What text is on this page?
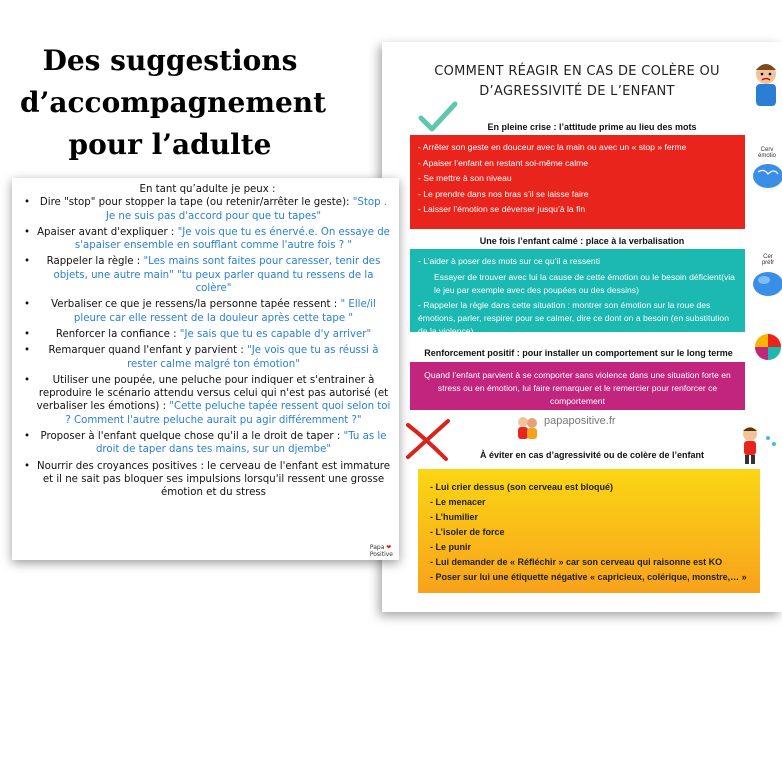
Des suggestions
d’accompagnement
pour l’adulte
COMMENT RÉAGIR EN CAS DE COLÈRE OU
D’AGRESSIVITÉ DE L’ENFANT
En pleine crise : l’attitude prime au lieu des mots

- Arrêter son geste en douceur avec la main ou avec un « stop » ferme

- Apaiser l’enfant en restant soi-même calme

- Se mettre à son niveau

- Le prendre dans nos bras s’il se laisse faire

- Laisser l’émotion se déverser jusqu’à la fin

Cerv
émotio
Une fois l’enfant calmé : place à la verbalisation

- L’aider à poser des mots sur ce qu’il a ressenti

Essayer de trouver avec lui la cause de cette émotion ou le besoin déficient(via le jeu par exemple avec des poupées ou des dessins)

- Rappeler la règle dans cette situation : montrer son émotion sur la roue des émotions, parler, respirer pour se calmer, dire ce dont on a besoin (en substitution de la violence)

Cer
préfr
Renforcement positif : pour installer un comportement sur le long terme
Quand l’enfant parvient à se comporter sans violence dans une situation forte en stress ou en émotion, lui faire remarquer et le remercier pour renforcer ce comportement
papapositive.fr
À éviter en cas d’agressivité ou de colère de l’enfant

- Lui crier dessus (son cerveau est bloqué)

- Le menacer

- L’humilier

- L’isoler de force

- Le punir

- Lui demander de « Réfléchir » car son cerveau qui raisonne est KO

- Poser sur lui une étiquette négative « capricieux, colérique, monstre,… »

En tant qu’adulte je peux :
• Dire "stop" pour stopper la tape (ou retenir/arrêter le geste): "Stop . Je ne suis pas d'accord pour que tu tapes"
• Apaiser avant d'expliquer : "Je vois que tu es énervé.e. On essaye de s'apaiser ensemble en soufflant comme l'autre fois ? "
• Rappeler la règle : "Les mains sont faites pour caresser, tenir des objets, une autre main" "tu peux parler quand tu ressens de la colère"
• Verbaliser ce que je ressens/la personne tapée ressent : " Elle/il pleure car elle ressent de la douleur après cette tape "
• Renforcer la confiance : "Je sais que tu es capable d'y arriver"
• Remarquer quand l'enfant y parvient : "Je vois que tu as réussi à rester calme malgré ton émotion"
• Utiliser une poupée, une peluche pour indiquer et s'entrainer à reproduire le scénario attendu versus celui qui n'est pas autorisé (et verbaliser les émotions) : "Cette peluche tapée ressent quoi selon toi ? Comment l'autre peluche aurait pu agir différemment ?"
• Proposer à l'enfant quelque chose qu'il a le droit de taper : "Tu as le droit de taper dans tes mains, sur un djembe"
• Nourrir des croyances positives : le cerveau de l'enfant est immature et il ne sait pas bloquer ses impulsions lorsqu'il ressent une grosse émotion et du stress
Papa ❤
Positive
